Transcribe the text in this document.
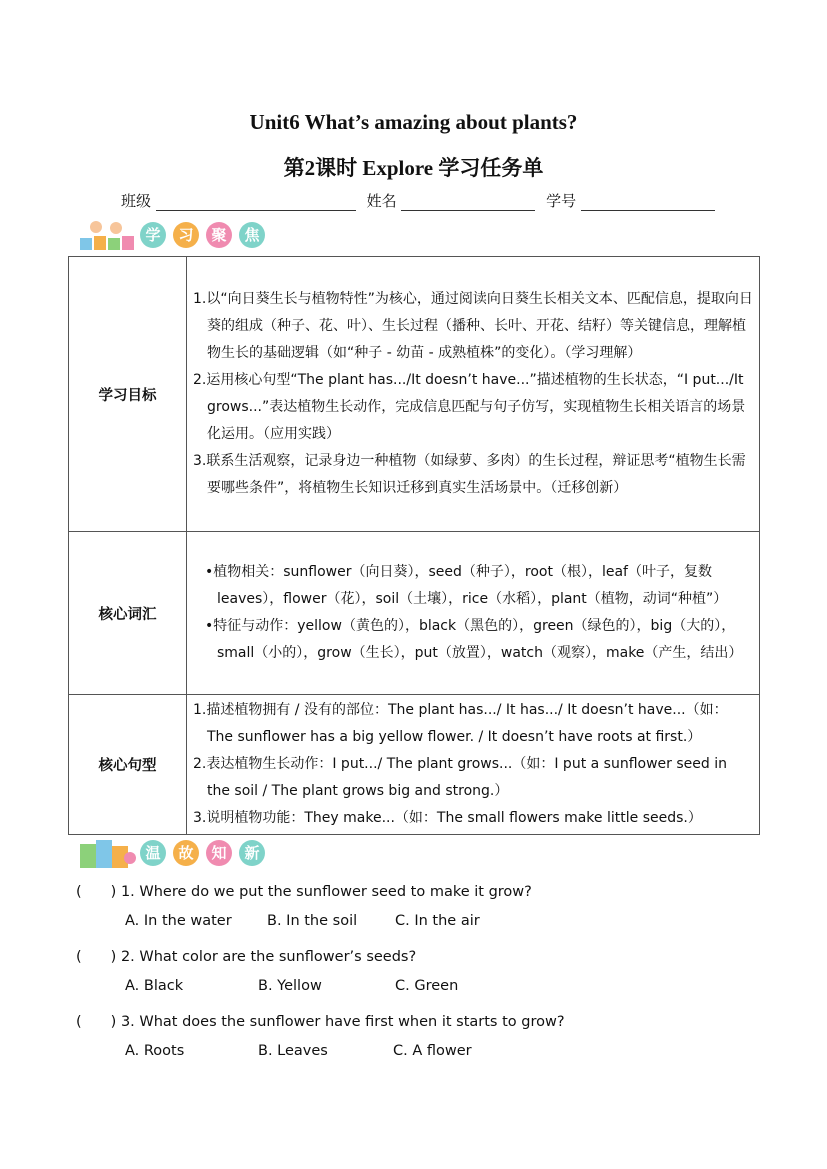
Unit6 What’s amazing about plants?
第2课时 Explore 学习任务单
班级	姓名	学号
学	习	聚	焦
学习目标	1.以“向日葵生长与植物特性”为核心，通过阅读向日葵生长相关文本、匹配信息，提取向日葵的组成（种子、花、叶）、生长过程（播种、长叶、开花、结籽）等关键信息，理解植物生长的基础逻辑（如“种子 - 幼苗 - 成熟植株”的变化）。（学习理解）

2.运用核心句型“The plant has.../It doesn’t have...”描述植物的生长状态，“I put.../It grows...”表达植物生长动作，完成信息匹配与句子仿写，实现植物生长相关语言的场景化运用。（应用实践）

3.联系生活观察，记录身边一种植物（如绿萝、多肉）的生长过程，辩证思考“植物生长需要哪些条件”，将植物生长知识迁移到真实生活场景中。（迁移创新）

核心词汇	•植物相关：sunflower（向日葵），seed（种子），root（根），leaf（叶子，复数 leaves），flower（花），soil（土壤），rice（水稻），plant（植物，动词“种植”）

•特征与动作：yellow（黄色的），black（黑色的），green（绿色的），big（大的），small（小的），grow（生长），put（放置），watch（观察），make（产生，结出）

核心句型	1.描述植物拥有 / 没有的部位：The plant has.../ It has.../ It doesn’t have...（如：The sunflower has a big yellow flower. / It doesn’t have roots at first.）

2.表达植物生长动作：I put.../ The plant grows...（如：I put a sunflower seed in the soil / The plant grows big and strong.）

3.说明植物功能：They make...（如：The small flowers make little seeds.）

温	故	知	新
(　　) 1. Where do we put the sunflower seed to make it grow?
A. In the water B. In the soil	C. In the air
(　　) 2. What color are the sunflower’s seeds?
A. Black	B. Yellow	C. Green
(　　) 3. What does the sunflower have first when it starts to grow?
A. Roots	B. Leaves	C. A flower
